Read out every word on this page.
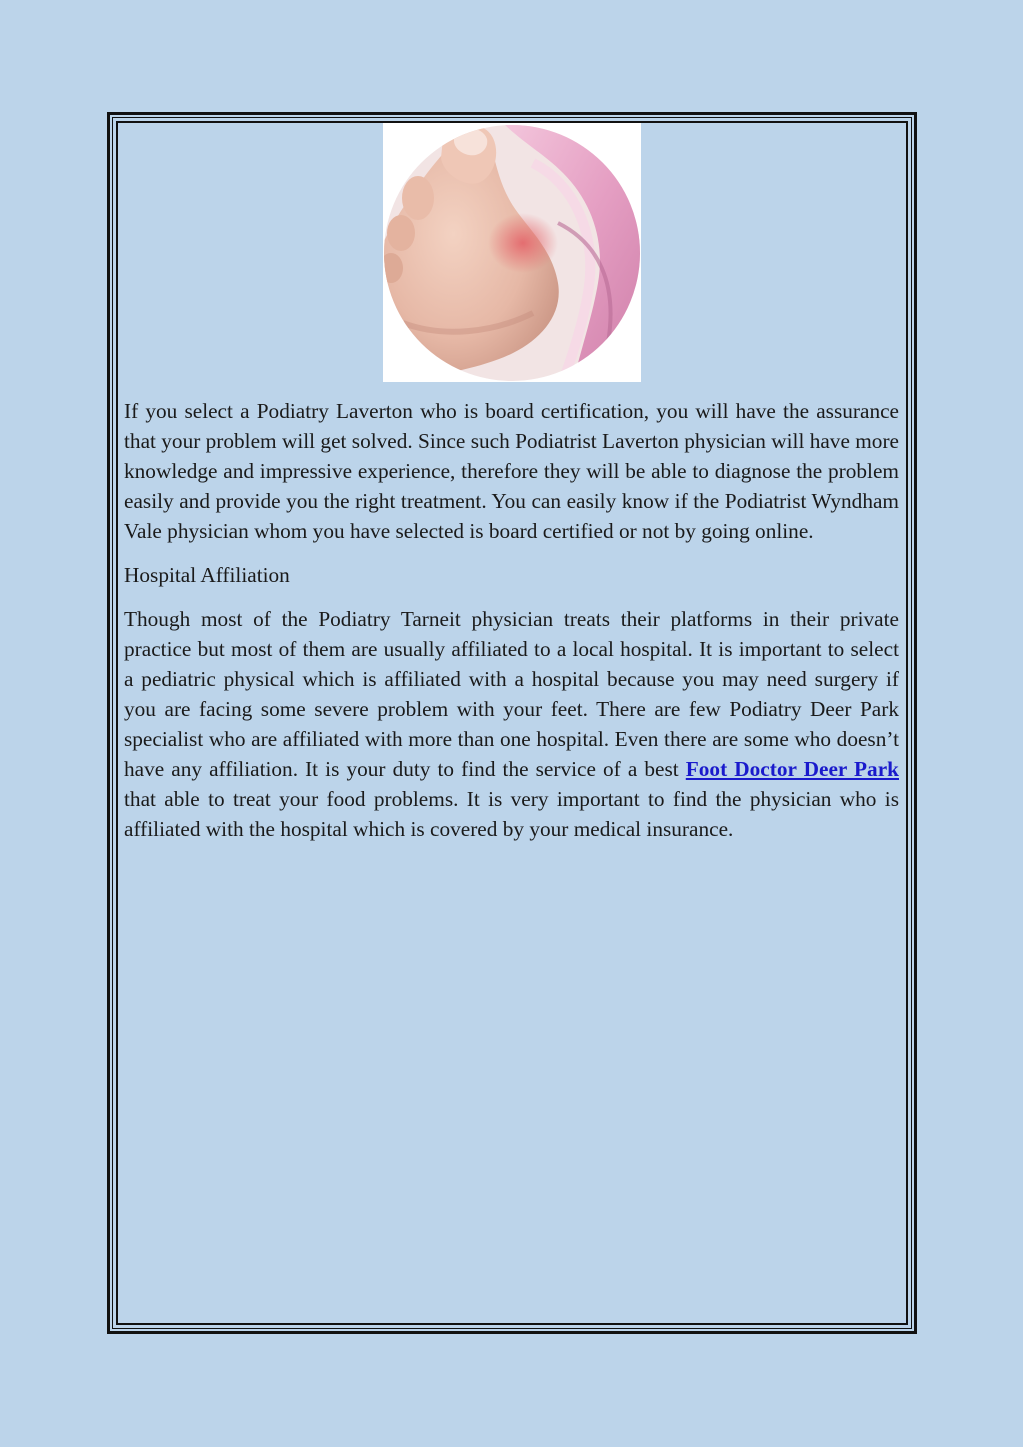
If you select a Podiatry Laverton who is board certification, you will have the assurance that your problem will get solved. Since such Podiatrist Laverton physician will have more knowledge and impressive experience, therefore they will be able to diagnose the problem easily and provide you the right treatment. You can easily know if the Podiatrist Wyndham Vale physician whom you have selected is board certified or not by going online.

Hospital Affiliation

Though most of the Podiatry Tarneit physician treats their platforms in their private practice but most of them are usually affiliated to a local hospital. It is important to select a pediatric physical which is affiliated with a hospital because you may need surgery if you are facing some severe problem with your feet. There are few Podiatry Deer Park specialist who are affiliated with more than one hospital. Even there are some who doesn’t have any affiliation. It is your duty to find the service of a best Foot Doctor Deer Park that able to treat your food problems. It is very important to find the physician who is affiliated with the hospital which is covered by your medical insurance.
